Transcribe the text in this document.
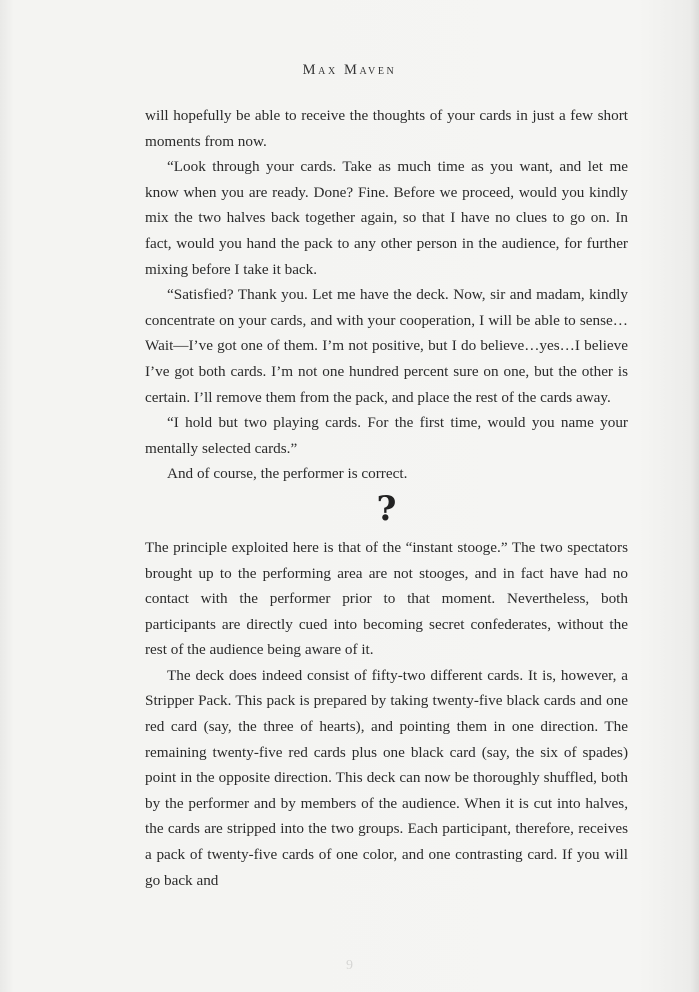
Max Maven

will hopefully be able to receive the thoughts of your cards in just a few short moments from now.

“Look through your cards. Take as much time as you want, and let me know when you are ready. Done? Fine. Before we proceed, would you kindly mix the two halves back together again, so that I have no clues to go on. In fact, would you hand the pack to any other person in the audience, for further mixing before I take it back.

“Satisfied? Thank you. Let me have the deck. Now, sir and madam, kindly concentrate on your cards, and with your cooperation, I will be able to sense… Wait—I’ve got one of them. I’m not positive, but I do believe…yes…I believe I’ve got both cards. I’m not one hundred percent sure on one, but the other is certain. I’ll remove them from the pack, and place the rest of the cards away.

“I hold but two playing cards. For the first time, would you name your mentally selected cards.”

And of course, the performer is correct.

?

The principle exploited here is that of the “instant stooge.” The two spectators brought up to the performing area are not stooges, and in fact have had no contact with the performer prior to that moment. Nevertheless, both participants are directly cued into becoming secret confederates, without the rest of the audience being aware of it.

The deck does indeed consist of fifty-two different cards. It is, however, a Stripper Pack. This pack is prepared by taking twenty-five black cards and one red card (say, the three of hearts), and pointing them in one direction. The remaining twenty-five red cards plus one black card (say, the six of spades) point in the opposite direction. This deck can now be thoroughly shuffled, both by the performer and by members of the audience. When it is cut into halves, the cards are stripped into the two groups. Each participant, therefore, receives a pack of twenty-five cards of one color, and one contrasting card. If you will go back and

9
